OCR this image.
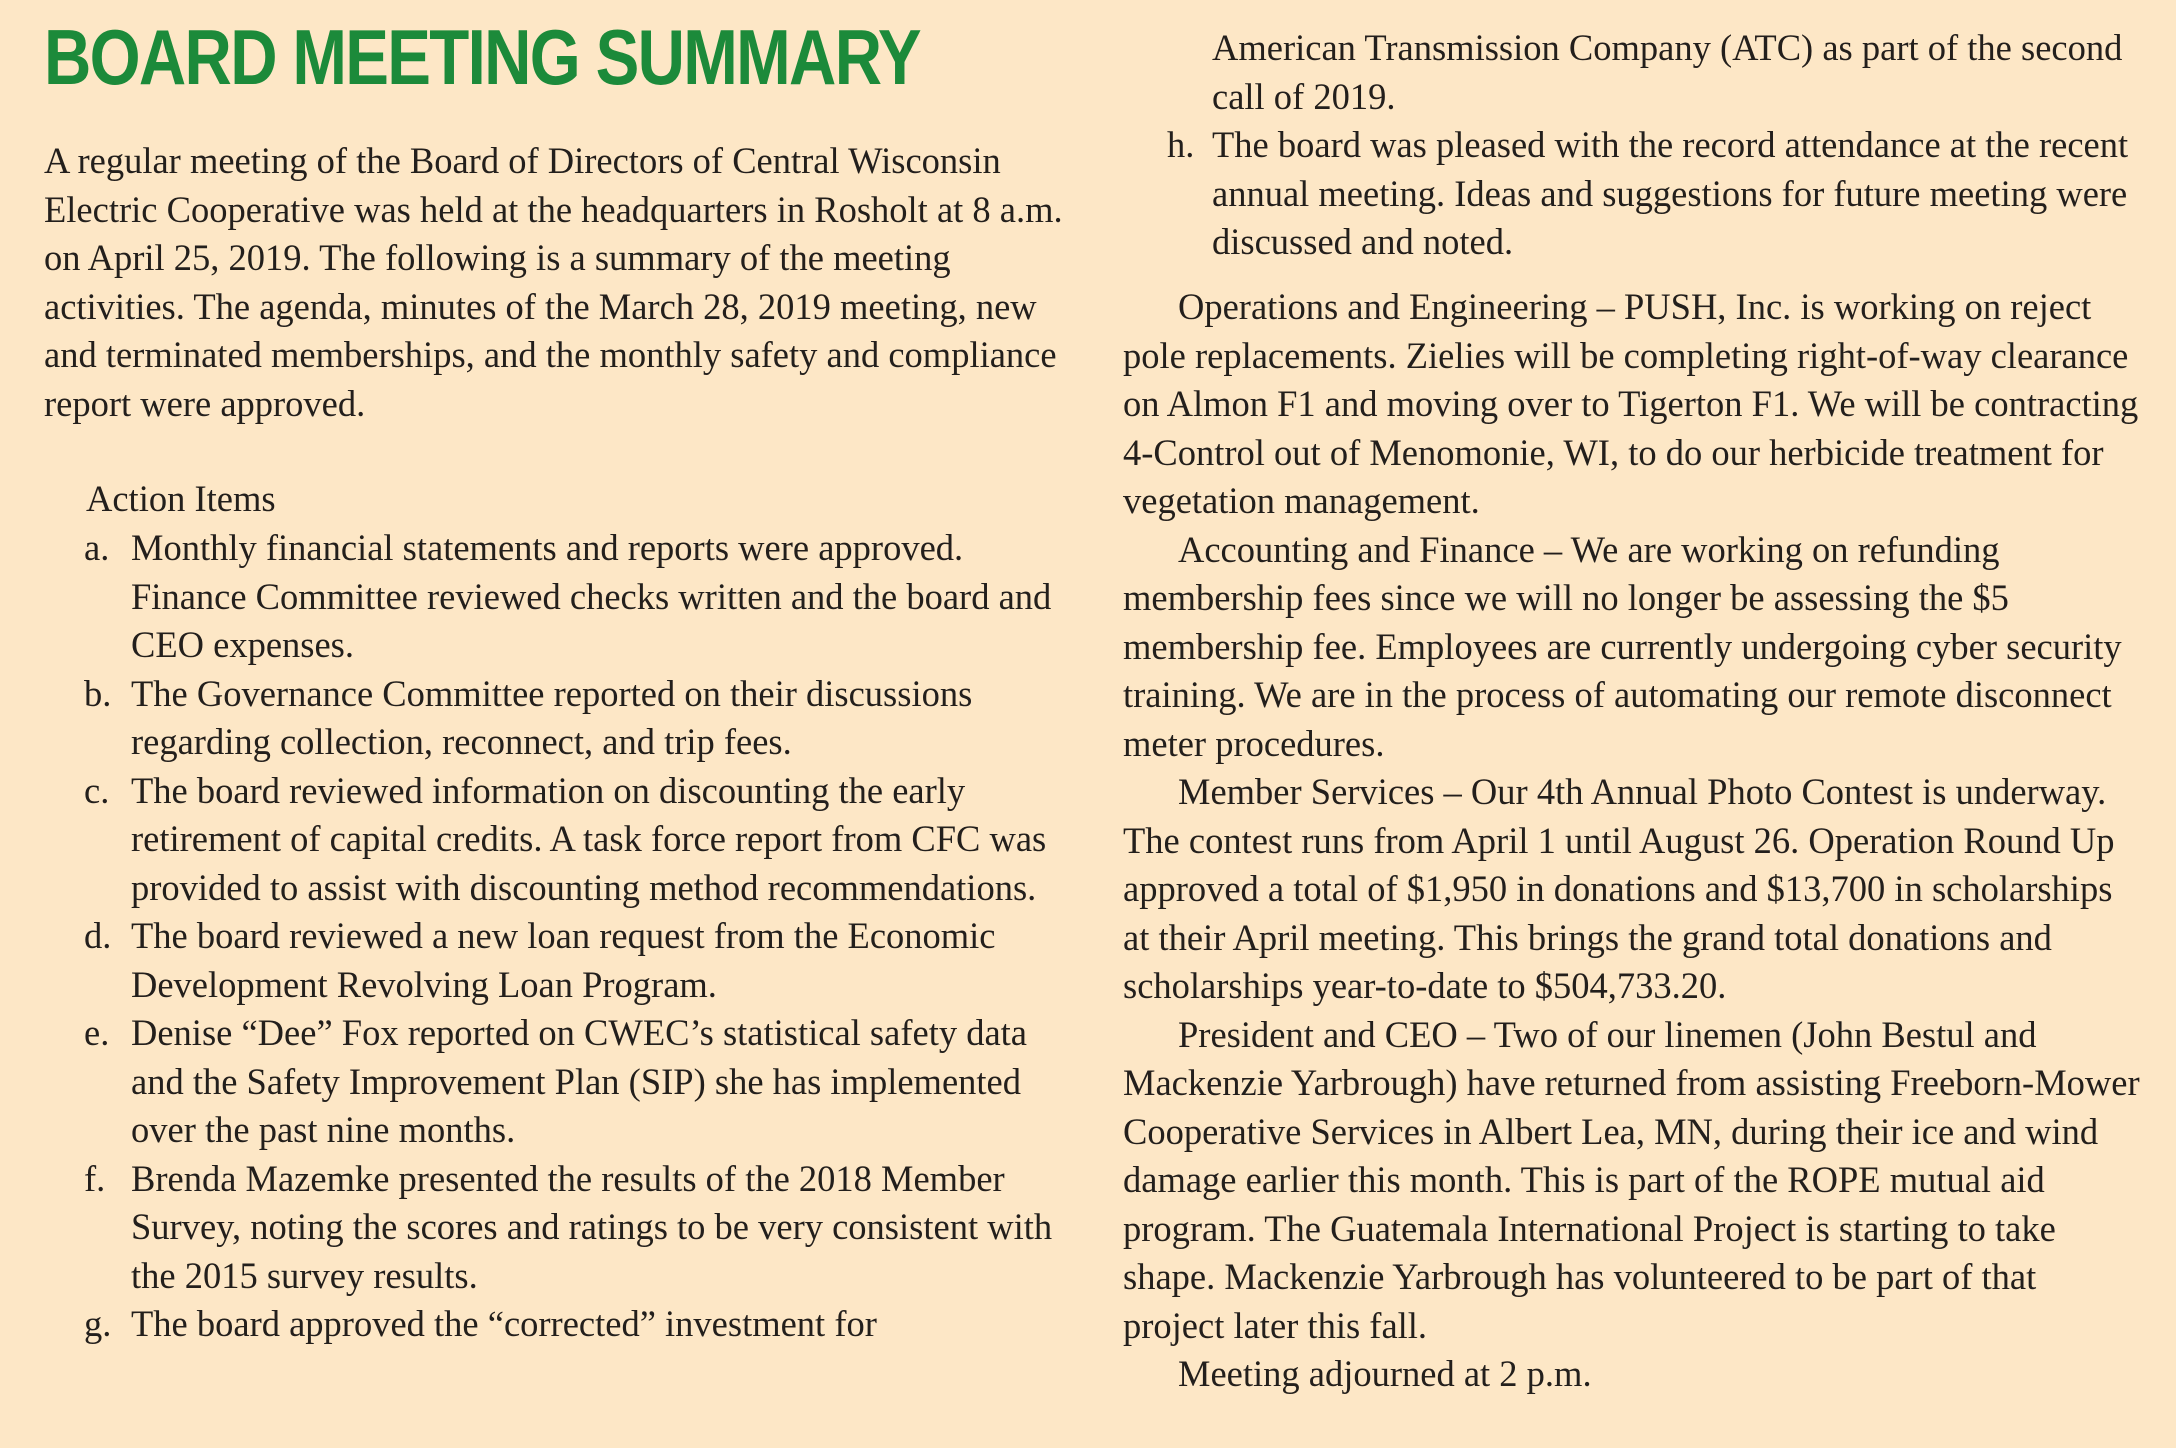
BOARD MEETING SUMMARY

A regular meeting of the Board of Directors of Central Wisconsin Electric Cooperative was held at the headquarters in Rosholt at 8 a.m. on April 25, 2019. The following is a summary of the meeting activities. The agenda, minutes of the March 28, 2019 meeting, new and terminated memberships, and the monthly safety and compliance report were approved.

Action Items

a. Monthly financial statements and reports were approved. Finance Committee reviewed checks written and the board and CEO expenses.
b. The Governance Committee reported on their discussions regarding collection, reconnect, and trip fees.
c. The board reviewed information on discounting the early retirement of capital credits. A task force report from CFC was provided to assist with discounting method recommendations.
d. The board reviewed a new loan request from the Economic Development Revolving Loan Program.
e. Denise “Dee” Fox reported on CWEC’s statistical safety data and the Safety Improvement Plan (SIP) she has implemented over the past nine months.
f. Brenda Mazemke presented the results of the 2018 Member Survey, noting the scores and ratings to be very consistent with the 2015 survey results.
g. The board approved the “corrected” investment for
American Transmission Company (ATC) as part of the second call of 2019.
h. The board was pleased with the record attendance at the recent annual meeting. Ideas and suggestions for future meeting were discussed and noted.

Operations and Engineering – PUSH, Inc. is working on reject pole replacements. Zielies will be completing right-of-way clearance on Almon F1 and moving over to Tigerton F1. We will be contracting 4-Control out of Menomonie, WI, to do our herbicide treatment for vegetation management.

Accounting and Finance – We are working on refunding membership fees since we will no longer be assessing the $5 membership fee. Employees are currently undergoing cyber security training. We are in the process of automating our remote disconnect meter procedures.

Member Services – Our 4th Annual Photo Contest is underway. The contest runs from April 1 until August 26. Operation Round Up approved a total of $1,950 in donations and $13,700 in scholarships at their April meeting. This brings the grand total donations and scholarships year-to-date to $504,733.20.

President and CEO – Two of our linemen (John Bestul and Mackenzie Yarbrough) have returned from assisting Freeborn-Mower Cooperative Services in Albert Lea, MN, during their ice and wind damage earlier this month. This is part of the ROPE mutual aid program. The Guatemala International Project is starting to take shape. Mackenzie Yarbrough has volunteered to be part of that project later this fall.

Meeting adjourned at 2 p.m.
